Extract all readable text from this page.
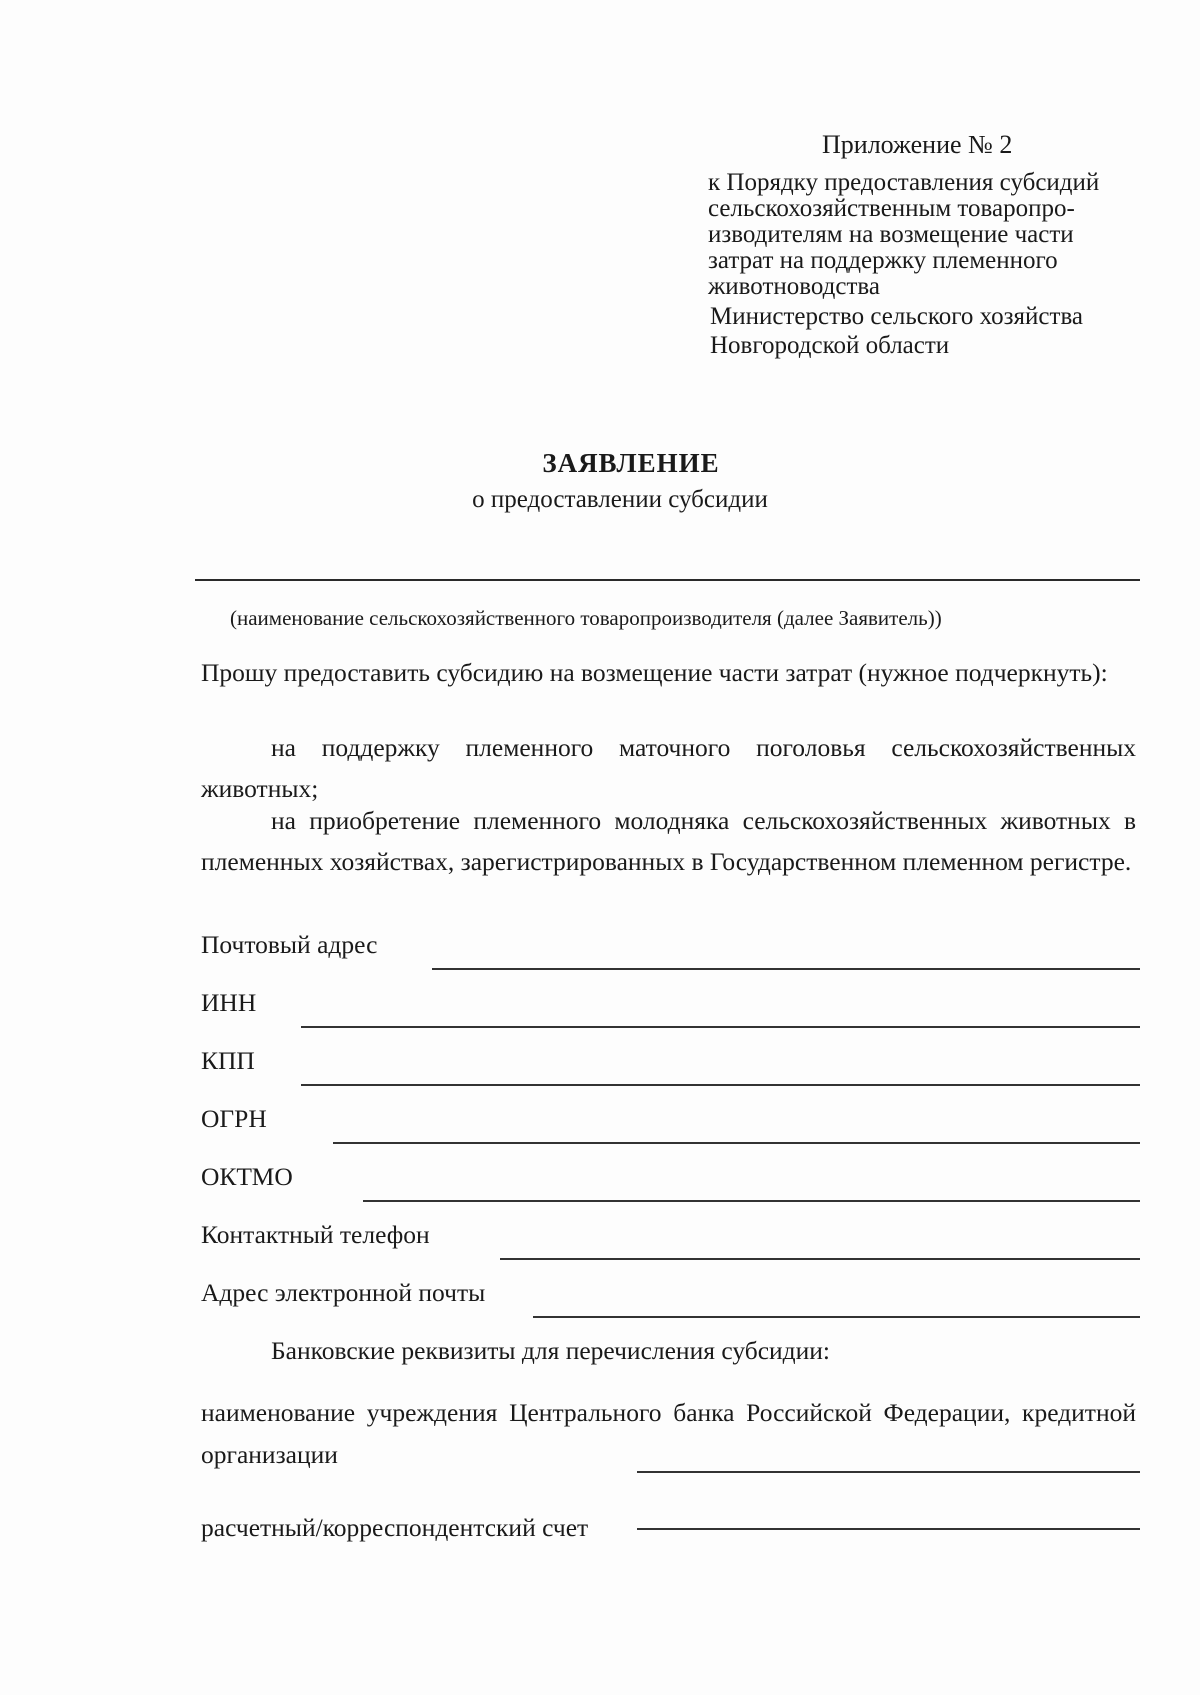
Приложение № 2
к Порядку предоставления субсидий
сельскохозяйственным товаропро-
изводителям на возмещение части
затрат на поддержку племенного
животноводства
Министерство сельского хозяйства
Новгородской области
ЗАЯВЛЕНИЕ
о предоставлении субсидии
(наименование сельскохозяйственного товаропроизводителя (далее Заявитель))
Прошу предоставить субсидию на возмещение части затрат (нужное подчеркнуть):
на поддержку племенного маточного поголовья сельскохозяйственных животных;
на приобретение племенного молодняка сельскохозяйственных животных в племенных хозяйствах, зарегистрированных в Государственном племенном регистре.
Почтовый адрес
ИНН
КПП
ОГРН
ОКТМО
Контактный телефон
Адрес электронной почты
Банковские реквизиты для перечисления субсидии:
наименование учреждения Центрального банка Российской Федерации, кредитной организации
расчетный/корреспондентский счет
